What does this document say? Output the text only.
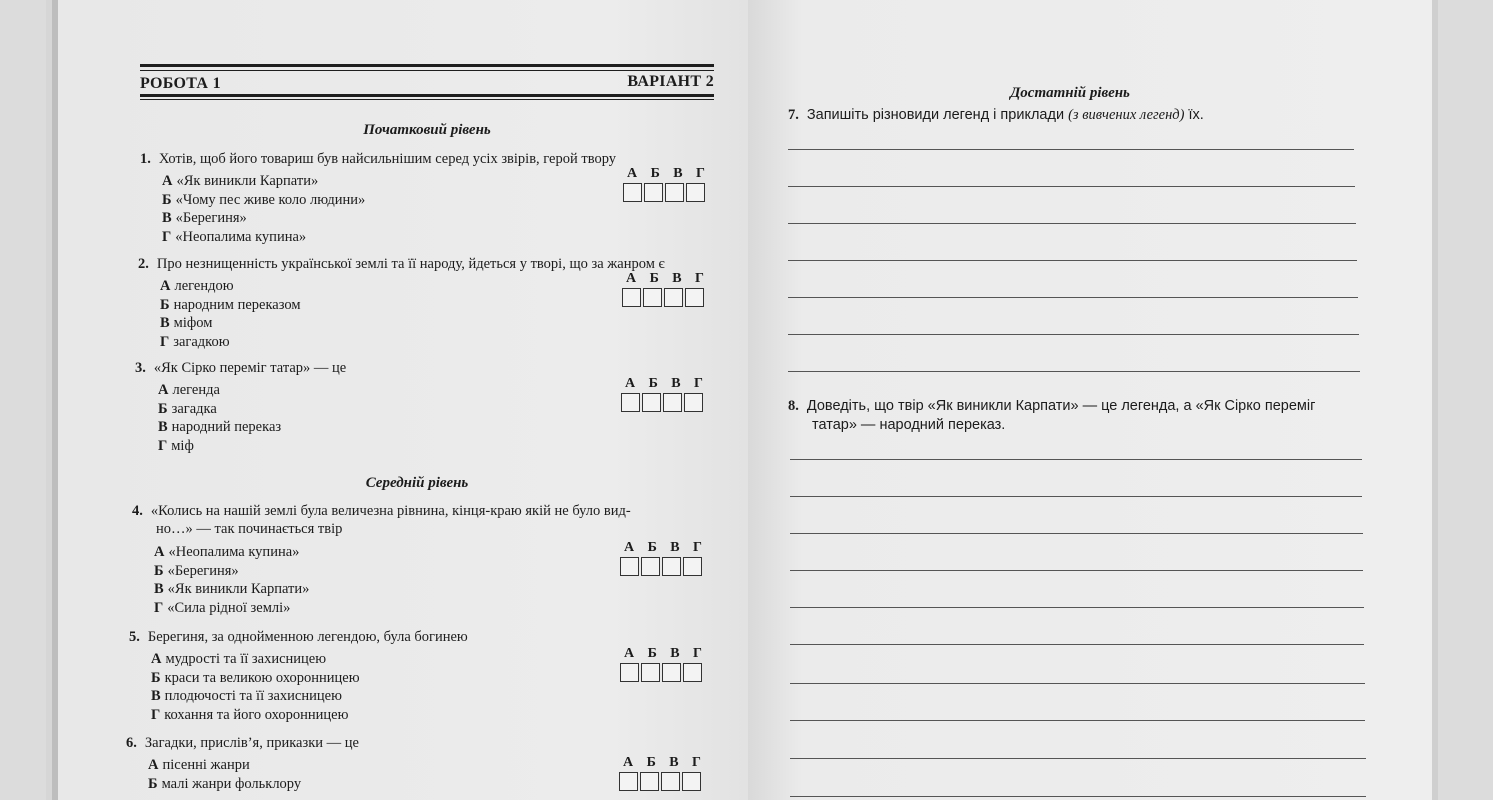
РОБОТА 1	ВАРІАНТ 2
Початковий рівень
1. Хотів, щоб його товариш був найсильнішим серед усіх звірів, герой твору
А «Як виникли Карпати»
Б «Чому пес живе коло людини»
В «Берегиня»
Г «Неопалима купина»
А Б В Г
2. Про незнищенність української землі та її народу, йдеться у творі, що за жанром є
А легендою
Б народним переказом
В міфом
Г загадкою
А Б В Г
3. «Як Сірко переміг татар» — це
А легенда
Б загадка
В народний переказ
Г міф
А Б В Г
Середній рівень
4. «Колись на нашій землі була величезна рівнина, кінця-краю якій не було вид-
но…» — так починається твір
А «Неопалима купина»
Б «Берегиня»
В «Як виникли Карпати»
Г «Сила рідної землі»
А Б В Г
5. Берегиня, за однойменною легендою, була богинею
А мудрості та її захисницею
Б краси та великою охоронницею
В плодючості та її захисницею
Г кохання та його охоронницею
А Б В Г
6. Загадки, прислів’я, приказки — це
А пісенні жанри
Б малі жанри фольклору
А Б В Г
Достатній рівень
7. Запишіть різновиди легенд і приклади (з вивчених легенд) їх.
8. Доведіть, що твір «Як виникли Карпати» — це легенда, а «Як Сірко переміг
татар» — народний переказ.
